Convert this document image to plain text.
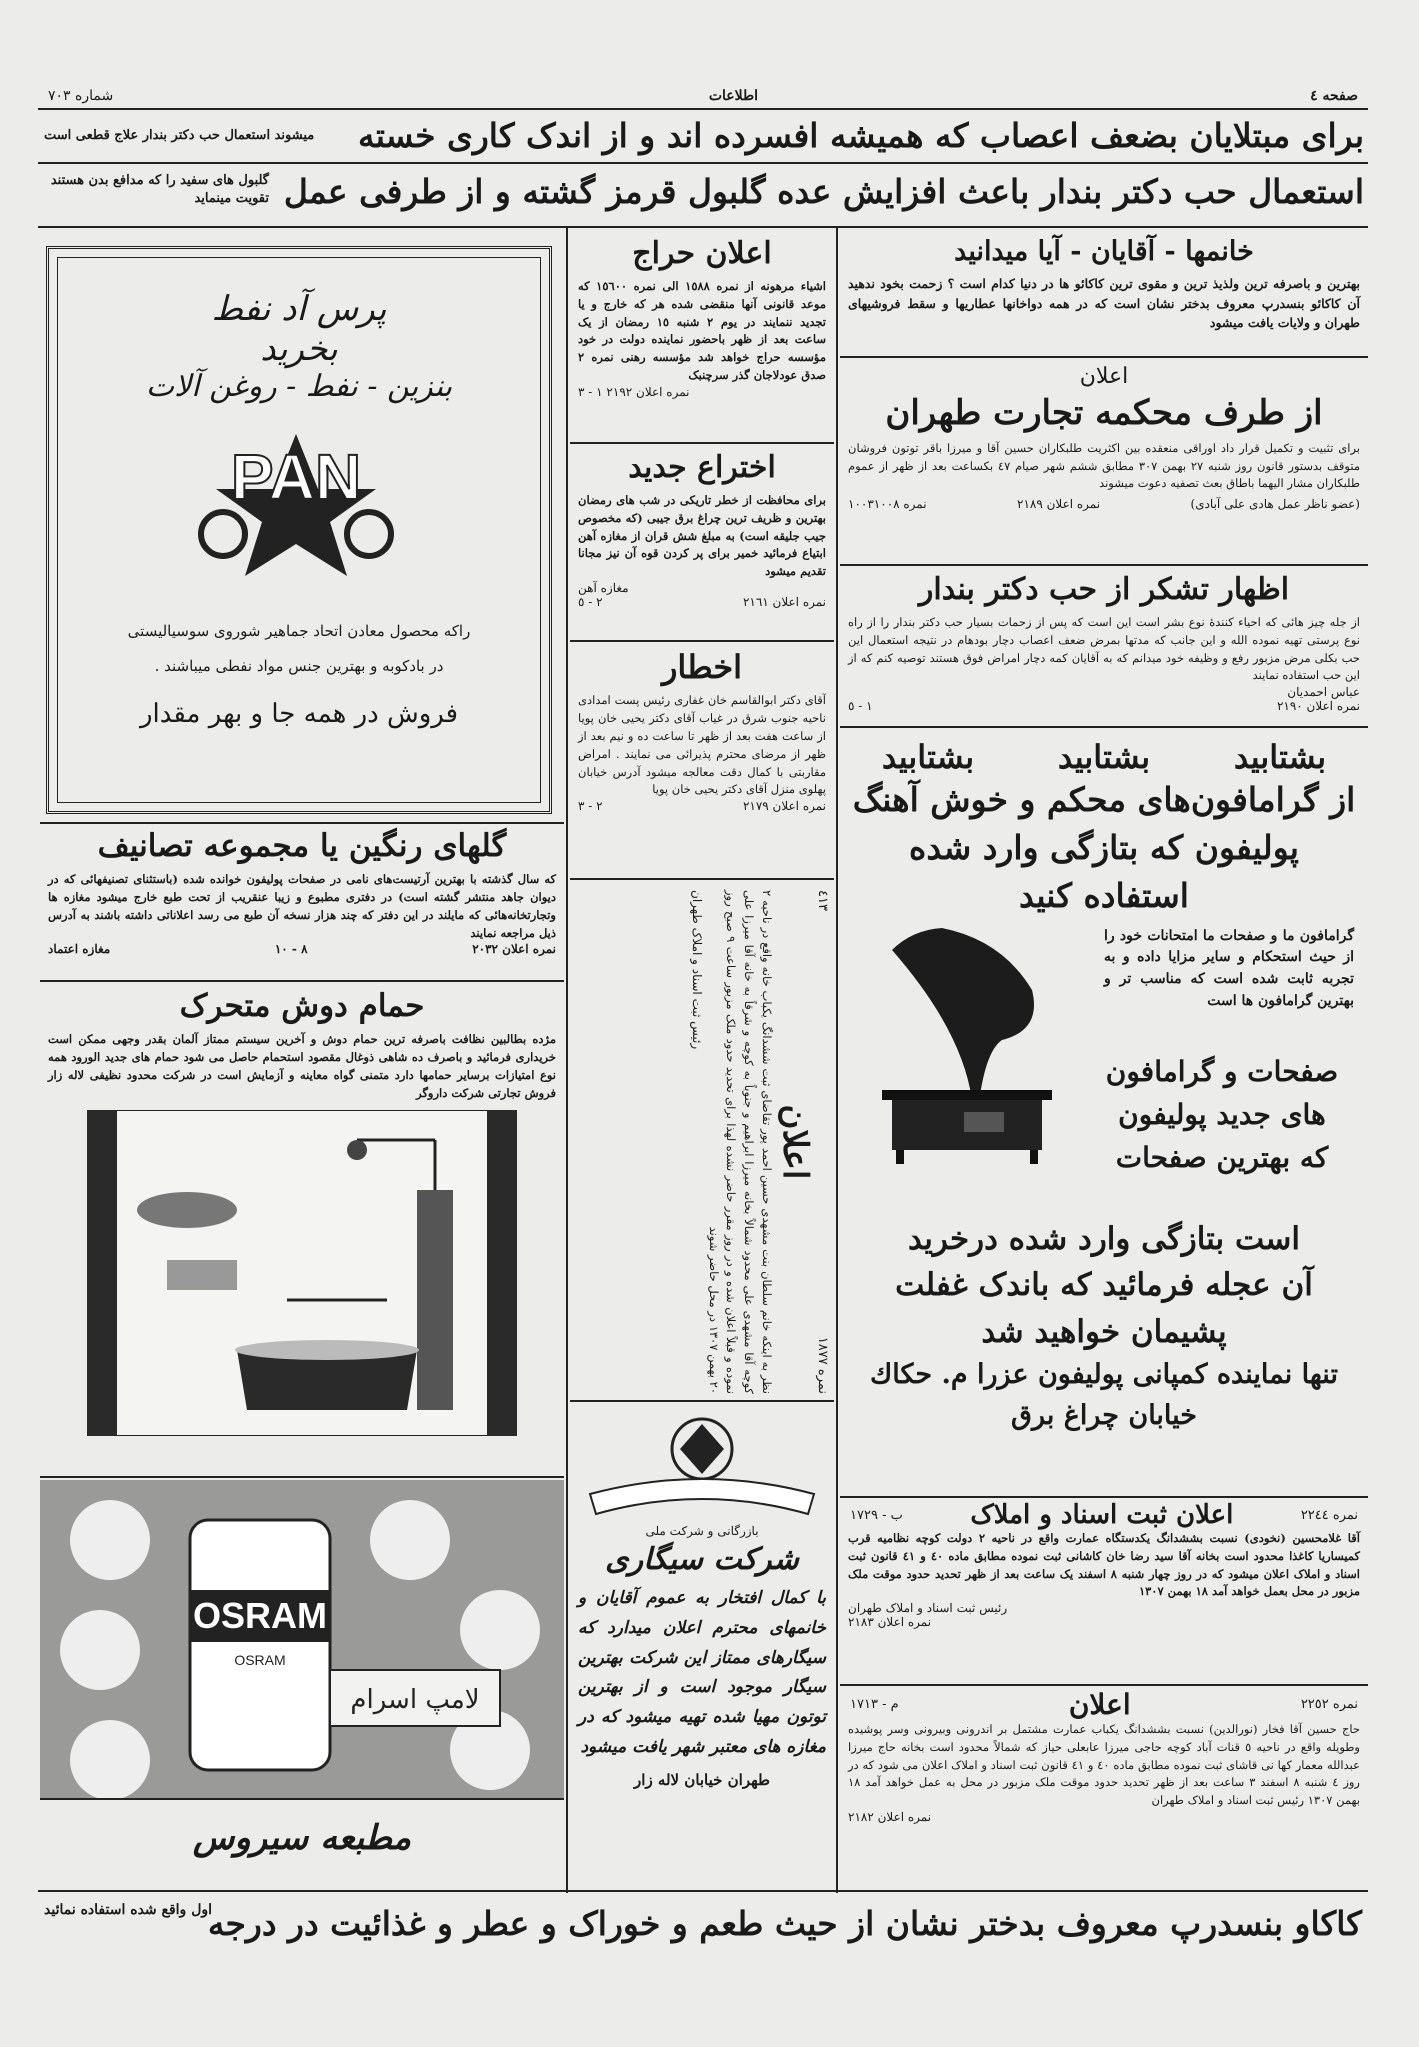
صفحه ٤
اطلاعات
شماره ٧٠٣
برای مبتلایان بضعف اعصاب که همیشه افسرده اند و از اندک کاری خسته
میشوند استعمال حب دکتر بندار علاج قطعی است
استعمال حب دکتر بندار باعث افزایش عده گلبول قرمز گشته و از طرفی عمل
گلبول های سفید را که مدافع بدن هستند تقویت مینماید
خانمها - آقایان - آیا میدانید
بهترین و باصرفه ترین ولذیذ ترین و مقوی ترین کاکائو ها در دنیا کدام است ؟ زحمت بخود ندهید آن کاکائو بنسدرپ معروف بدختر نشان است که در همه دواخانها عطاریها و سقط فروشیهای طهران و ولایات یافت میشود
اعلان
از طرف محکمه تجارت طهران
برای تثبیت و تکمیل قرار داد اوراقی منعقده بین اکثریت طلبکاران حسین آقا و میرزا باقر توتون فروشان متوقف بدستور قانون روز شنبه ٢٧ بهمن ٣٠٧ مطابق ششم شهر صیام ٤٧ بکساعت بعد از ظهر از عموم طلبکاران مشار الیهما باطاق بعث تصفیه دعوت میشوند
(عضو ناظر عمل هادی علی آبادی)
نمره اعلان ٢١٨٩
نمره ١٠٠٣١٠٠٨
اظهار تشکر از حب دکتر بندار
از جله چیز هائی که احیاء کنندهٔ نوع بشر است این است که پس از زحمات بسیار حب دکتر بندار را از راه نوع پرستی تهیه نموده الله و این جانب که مدتها بمرض ضعف اعصاب دچار بودهام در نتیجه استعمال این حب بکلی مرض مزبور رفع و وظیفه خود میدانم که به آقایان کمه دچار امراض فوق هستند توصیه کنم که از این حب استفاده نمایند
عباس احمدیان
نمره اعلان ٢١٩٠
١ - ٥
بشتابید
بشتابید
بشتابید
از گرامافون‌های محکم و خوش آهنگ
پولیفون که بتازگی وارد شده
استفاده کنید
گرامافون ما و صفحات ما امتحانات خود را از حیث استحکام و سایر مزایا داده و به تجربه ثابت شده است که مناسب تر و بهترین گرامافون ها است
صفحات و گرامافون
های جدید پولیفون
که بهترین صفحات
است بتازگی وارد شده درخرید
آن عجله فرمائید که باندک غفلت
پشیمان خواهید شد
تنها نماینده کمپانی پولیفون عزرا م. حکاك
خیابان چراغ برق
نمره ٢٢٤٤
اعلان ثبت اسناد و املاک
ب - ١٧٢٩
آقا غلامحسین (نخودی) نسبت بششدانگ یکدستگاه عمارت واقع در ناحیه ٢ دولت کوچه نظامیه قرب کمیساریا کاغذا محدود است بخانه آقا سید رضا خان کاشانی ثبت نموده مطابق ماده ٤٠ و ٤١ قانون ثبت اسناد و املاک اعلان میشود که در روز چهار شنبه ٨ اسفند یک ساعت بعد از ظهر تحدید حدود موقت ملک مزبور در محل بعمل خواهد آمد ١٨ بهمن ١٣٠٧
رئیس ثبت اسناد و املاک طهران
نمره اعلان ٢١٨٣
نمره ٢٢٥٢
اعلان
م - ١٧١٣
حاج حسین آقا فخار (نورالدین) نسبت بششدانگ یکباب عمارت مشتمل بر اندرونی وبیرونی وسر پوشیده وطویله واقع در ناحیه ٥ قنات آباد کوچه حاجی میرزا عابعلی حیاز که شمالاً محدود است بخانه حاج میرزا عبدالله معمار کها نی قاشای ثبت نموده مطابق ماده ٤٠ و ٤١ قانون ثبت اسناد و املاک اعلان می شود که در روز ٤ شنبه ٨ اسفند ٣ ساعت بعد از ظهر تحدید حدود موقت ملک مزبور در محل به عمل خواهد آمد ١٨ بهمن ١٣٠٧ رئیس ثبت اسناد و املاک طهران
نمره اعلان ٢١٨٢
اعلان حراج
اشیاء مرهونه از نمره ١٥٨٨ الی نمره ١٥٦٠٠ که موعد قانونی آنها منقضی شده هر که خارج و یا تجدید ننمایند در یوم ٢ شنبه ١٥ رمضان از یک ساعت بعد از ظهر باحضور نماینده دولت در خود مؤسسه حراج خواهد شد مؤسسه رهنی نمره ٢ صدق عودلاجان گذر سرچنبک
نمره اعلان ٢١٩٢ ١ - ٣
اختراع جدید
برای محافظت از خطر تاریکی در شب های رمضان بهترین و ظریف ترین چراغ برق جیبی (که مخصوص جیب جلیقه است) به مبلغ شش قران از مغازه آهن ابتیاع فرمائید خمیر برای پر کردن قوه آن نیز مجانا تقدیم میشود
مغازه آهن
نمره اعلان ٢١٦١
٢ - ٥
اخطار
آقای دکتر ابوالقاسم خان غفاری رئیس پست امدادی ناحیه جنوب شرق در غیاب آقای دکتر یحیی خان پویا از ساعت هفت بعد از ظهر تا ساعت ده و نیم بعد از ظهر از مرضای محترم پذیرائی می نمایند . امراض مقاربتی با کمال دقت معالجه میشود آدرس خیابان پهلوی منزل آقای دکتر یحیی خان پویا
نمره اعلان ٢١٧٩
٢ - ٣
نمره ١٨٧٧
٤١٣
اعلان
نظر به اینکه خانم سلطان بنت مشهدی حسین احمد پور تقاضای ثبت ششدانگ یکباب خانه واقع در ناحیه ٢ کوچه آقا مشهدی علی محدود شمالاً بخانه میرزا ابراهیم و جنوباً به کوچه و شرقاً به خانه آقا میرزا علی نموده و قبلاً اعلان شده و در روز مقرر حاضر نشده لهذا برای تحدید حدود ملک مزبور ساعت ٩ صبح روز ٢٠ بهمن ١٣٠٧ در محل حاضر شوند
رئیس ثبت اسناد و املاک طهران
بازرگانی و شرکت ملی
شرکت سیگاری
با کمال افتخار به عموم آقایان و خانمهای محترم اعلان میدارد که سیگارهای ممتاز این شرکت بهترین سیگار موجود است و از بهترین توتون مهیا شده تهیه میشود که در مغازه های معتبر شهر یافت میشود
طهران خیابان لاله زار
پرس آد نفط
بخرید
بنزین - نفط - روغن آلات
PAN
راکه محصول معادن اتحاد جماهیر شوروی سوسیالیستی
در بادکوبه و بهترین جنس مواد نفطی میباشند .
فروش در همه جا و بهر مقدار
گلهای رنگین یا مجموعه تصانیف
که سال گذشته با بهترین آرتیست‌های نامی در صفحات پولیفون خوانده شده (باستثنای تصنیفهائی که در دیوان جاهد منتشر گشته است) در دفتری مطبوع و زیبا عنقریب از تحت طبع خارج میشود مغازه ها وتجارتخانه‌هائی که مایلند در این دفتر که چند هزار نسخه آن طبع می رسد اعلاناتی داشته باشند به آدرس ذیل مراجعه نمایند
نمره اعلان ٢٠٣٢
٨ - ١٠
مغازه اعتماد
حمام دوش متحرک
مژده بطالبین نظافت باصرفه ترین حمام دوش و آخرین سیستم ممتاز آلمان بقدر وجهی ممکن است خریداری فرمائید و باصرف ده شاهی ذوغال مقصود استحمام حاصل می شود حمام های جدید الورود همه نوع امتیازات برسایر حمامها دارد متمنی گواه معاینه و آزمایش است در شرکت محدود نظیفی لاله زار فروش تجارتی شرکت داروگر
OSRAM
OSRAM
لامپ اسرام
مطبعه سیروس
کاکاو بنسدرپ معروف بدختر نشان از حیث طعم و خوراک و عطر و غذائیت در درجه
اول واقع شده استفاده نمائید
